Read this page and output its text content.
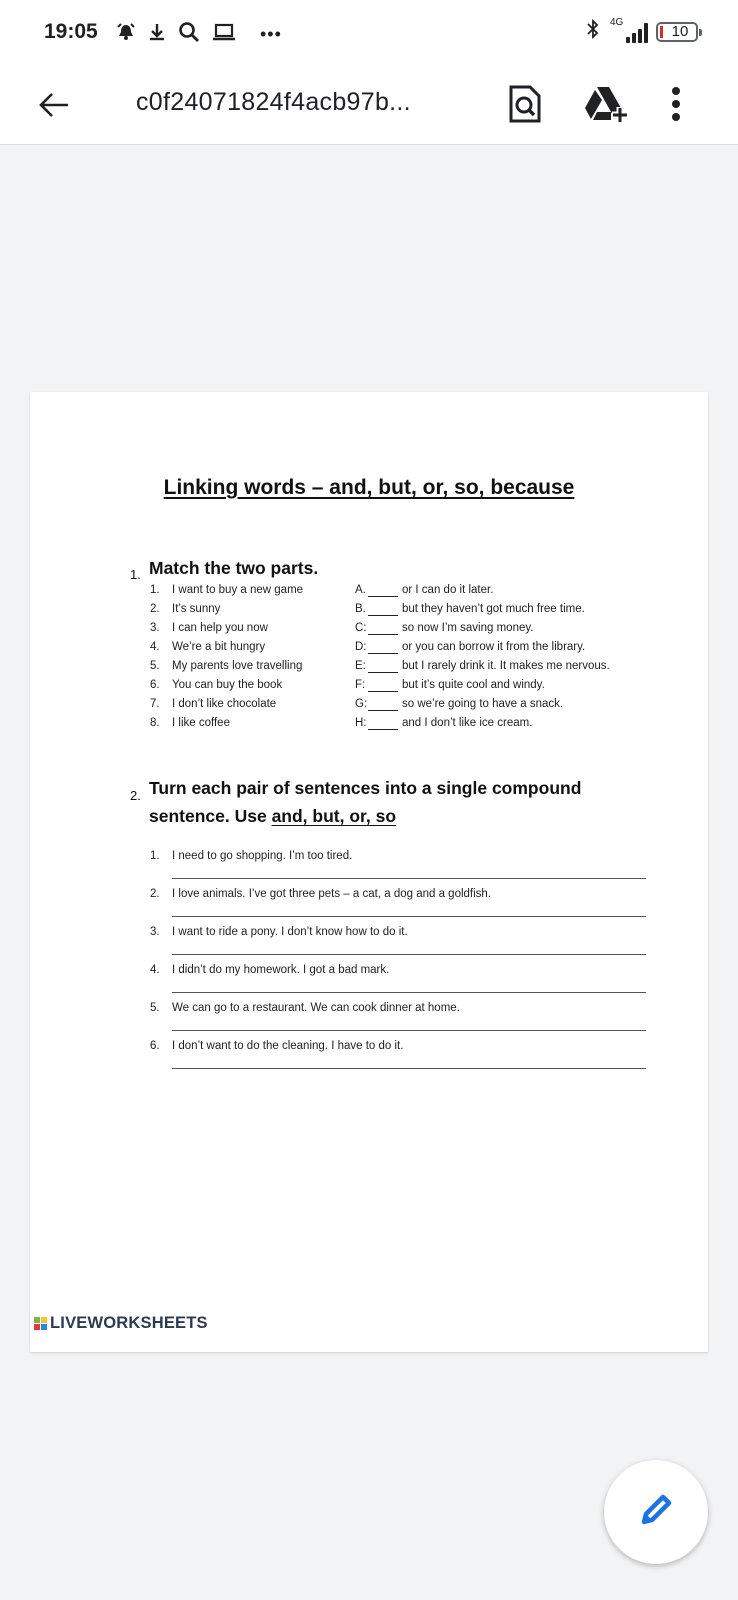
19:05	•••
4G
10
c0f24071824f4acb97b...
Linking words – and, but, or, so, because
1. Match the two parts.
1. I want to buy a new game	A.	or I can do it later.
2. It’s sunny	B.	but they haven’t got much free time.
3. I can help you now	C:	so now I’m saving money.
4. We’re a bit hungry	D:	or you can borrow it from the library.
5. My parents love travelling	E:	but I rarely drink it. It makes me nervous.
6. You can buy the book	F:	but it’s quite cool and windy.
7. I don’t like chocolate	G:	so we’re going to have a snack.
8. I like coffee	H:	and I don’t like ice cream.
2. Turn each pair of sentences into a single compound
sentence. Use and, but, or, so
1. I need to go shopping. I’m too tired.
2. I love animals. I’ve got three pets – a cat, a dog and a goldfish.
3. I want to ride a pony. I don’t know how to do it.
4. I didn’t do my homework. I got a bad mark.
5. We can go to a restaurant. We can cook dinner at home.
6. I don’t want to do the cleaning. I have to do it.
LIVEWORKSHEETS
